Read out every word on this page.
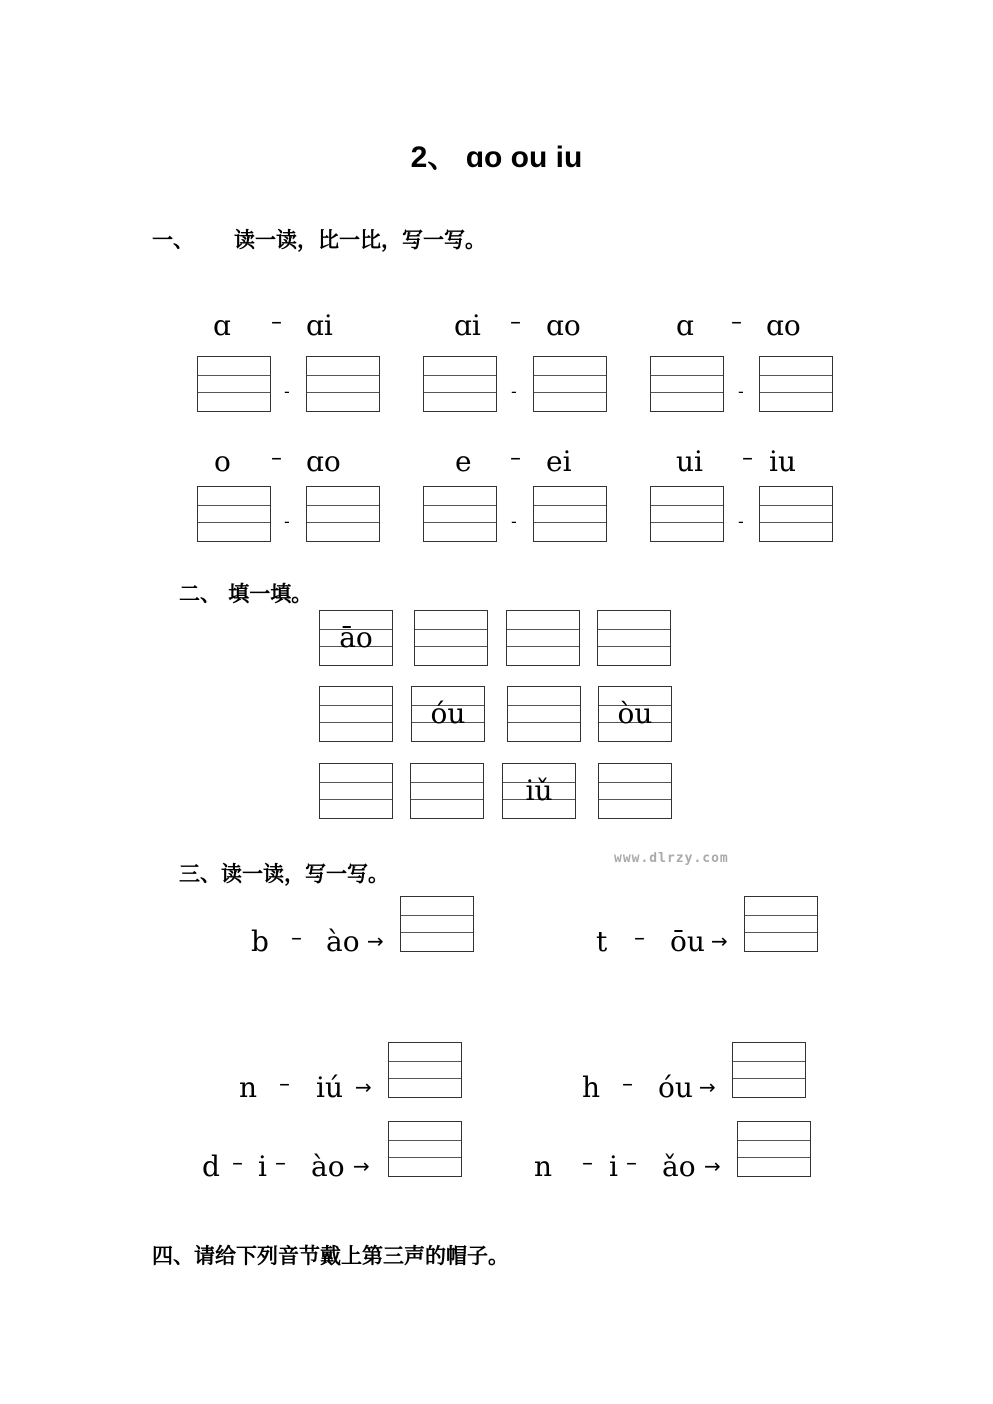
2、 ɑo ou iu
一、 读一读，比一比，写一写。
ɑ – ɑi	ɑi – ɑo	ɑ – ɑo
-	-	-
o – ɑo	e – ei	ui – iu
-	-	-
二、 填一填。
āo
óu	òu
iǔ
三、读一读，写一写。
www.dlrzy.com
b – ào →	t – ōu →
n – iú →	h – óu →
d – i – ào →	n – i – ǎo →
四、请给下列音节戴上第三声的帽子。
